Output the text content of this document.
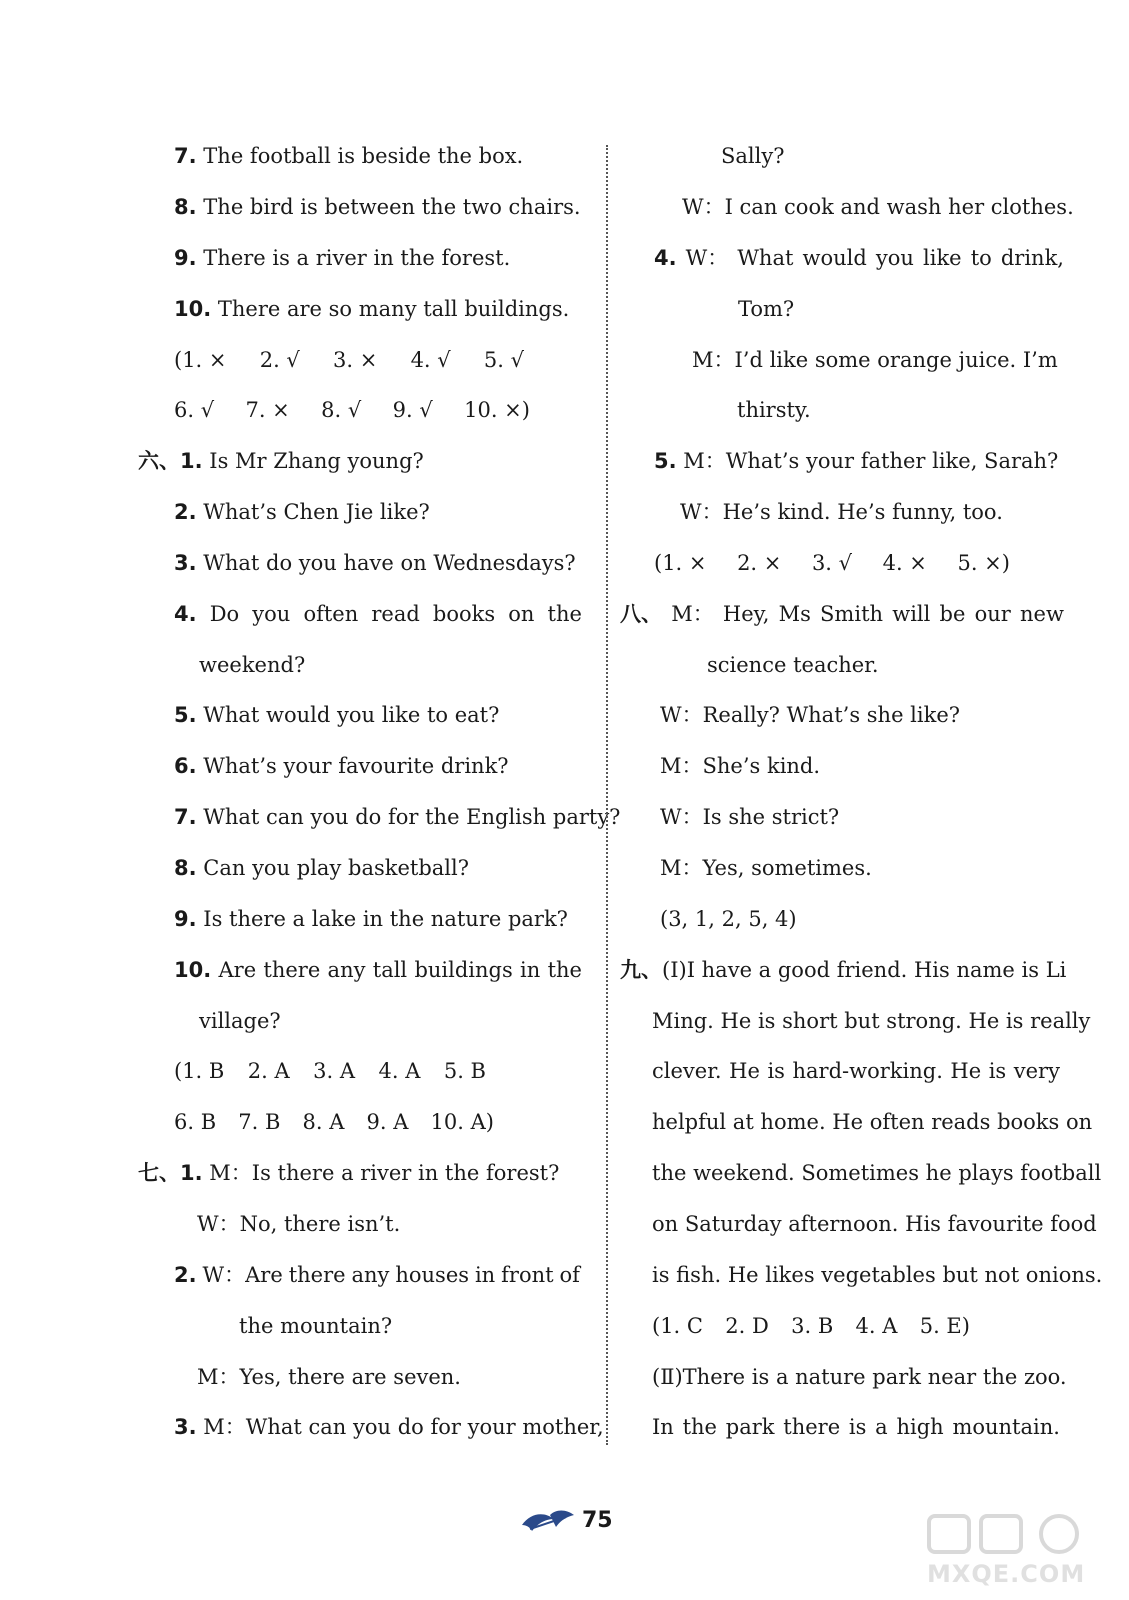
7. The football is beside the box.
8. The bird is between the two chairs.
9. There is a river in the forest.
10. There are so many tall buildings.
(1. × 2. √ 3. × 4. √ 5. √
6. √ 7. × 8. √ 9. √ 10. ×)
六、1. Is Mr Zhang young?
2. What’s Chen Jie like?
3. What do you have on Wednesdays?
4. Do you often read books on the
weekend?
5. What would you like to eat?
6. What’s your favourite drink?
7. What can you do for the English party?
8. Can you play basketball?
9. Is there a lake in the nature park?
10. Are there any tall buildings in the
village?
(1. B 2. A 3. A 4. A 5. B
6. B 7. B 8. A 9. A 10. A)
七、1. M：Is there a river in the forest?
W：No, there isn’t.
2. W：Are there any houses in front of
the mountain?
M：Yes, there are seven.
3. M：What can you do for your mother,
Sally?
W：I can cook and wash her clothes.
4. W： What would you like to drink,
Tom?
M：I’d like some orange juice. I’m
thirsty.
5. M：What’s your father like, Sarah?
W：He’s kind. He’s funny, too.
(1. × 2. × 3. √ 4. × 5. ×)
八、 M： Hey, Ms Smith will be our new
science teacher.
W：Really? What’s she like?
M：She’s kind.
W：Is she strict?
M：Yes, sometimes.
(3, 1, 2, 5, 4)
九、(Ⅰ)I have a good friend. His name is Li
Ming. He is short but strong. He is really
clever. He is hard-working. He is very
helpful at home. He often reads books on
the weekend. Sometimes he plays football
on Saturday afternoon. His favourite food
is fish. He likes vegetables but not onions.
(1. C 2. D 3. B 4. A 5. E)
(Ⅱ)There is a nature park near the zoo.
In the park there is a high mountain.
75
MXQE.COM
